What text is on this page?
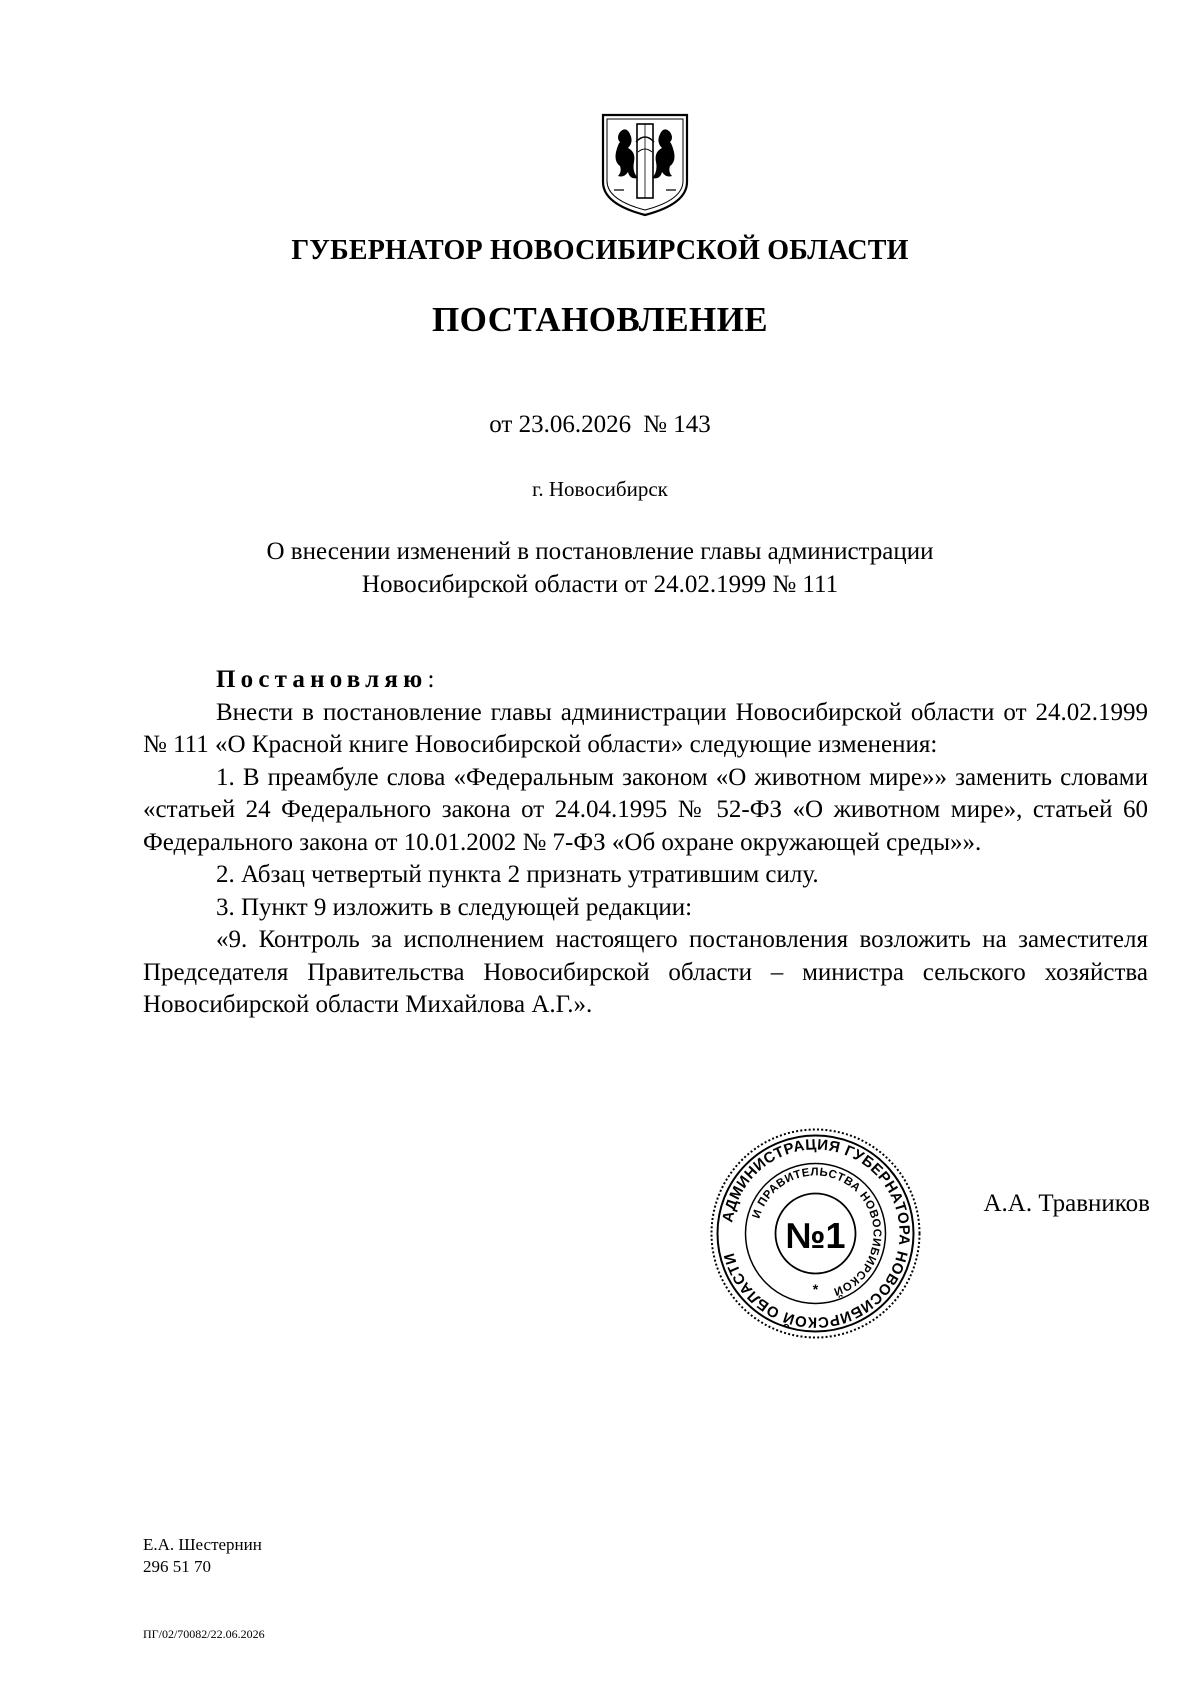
ГУБЕРНАТОР НОВОСИБИРСКОЙ ОБЛАСТИ
ПОСТАНОВЛЕНИЕ
от 23.06.2026 № 143
г. Новосибирск
О внесении изменений в постановление главы администрации
Новосибирской области от 24.02.1999 № 111

Постановляю:

Внести в постановление главы администрации Новосибирской области от 24.02.1999 № 111 «О Красной книге Новосибирской области» следующие изменения:

1. В преамбуле слова «Федеральным законом «О животном мире»» заменить словами «статьей 24 Федерального закона от 24.04.1995 № 52-ФЗ «О животном мире», статьей 60 Федерального закона от 10.01.2002 № 7-ФЗ «Об охране окружающей среды»».

2. Абзац четвертый пункта 2 признать утратившим силу.

3. Пункт 9 изложить в следующей редакции:

«9. Контроль за исполнением настоящего постановления возложить на заместителя Председателя Правительства Новосибирской области – министра сельского хозяйства Новосибирской области Михайлова А.Г.».

АДМИНИСТРАЦИЯ ГУБЕРНАТОРА НОВОСИБИРСКОЙ ОБЛАСТИ
И ПРАВИТЕЛЬСТВА НОВОСИБИРСКОЙ
№1
*
А.А. Травников
Е.А. Шестернин
296 51 70
ПГ/02/70082/22.06.2026
